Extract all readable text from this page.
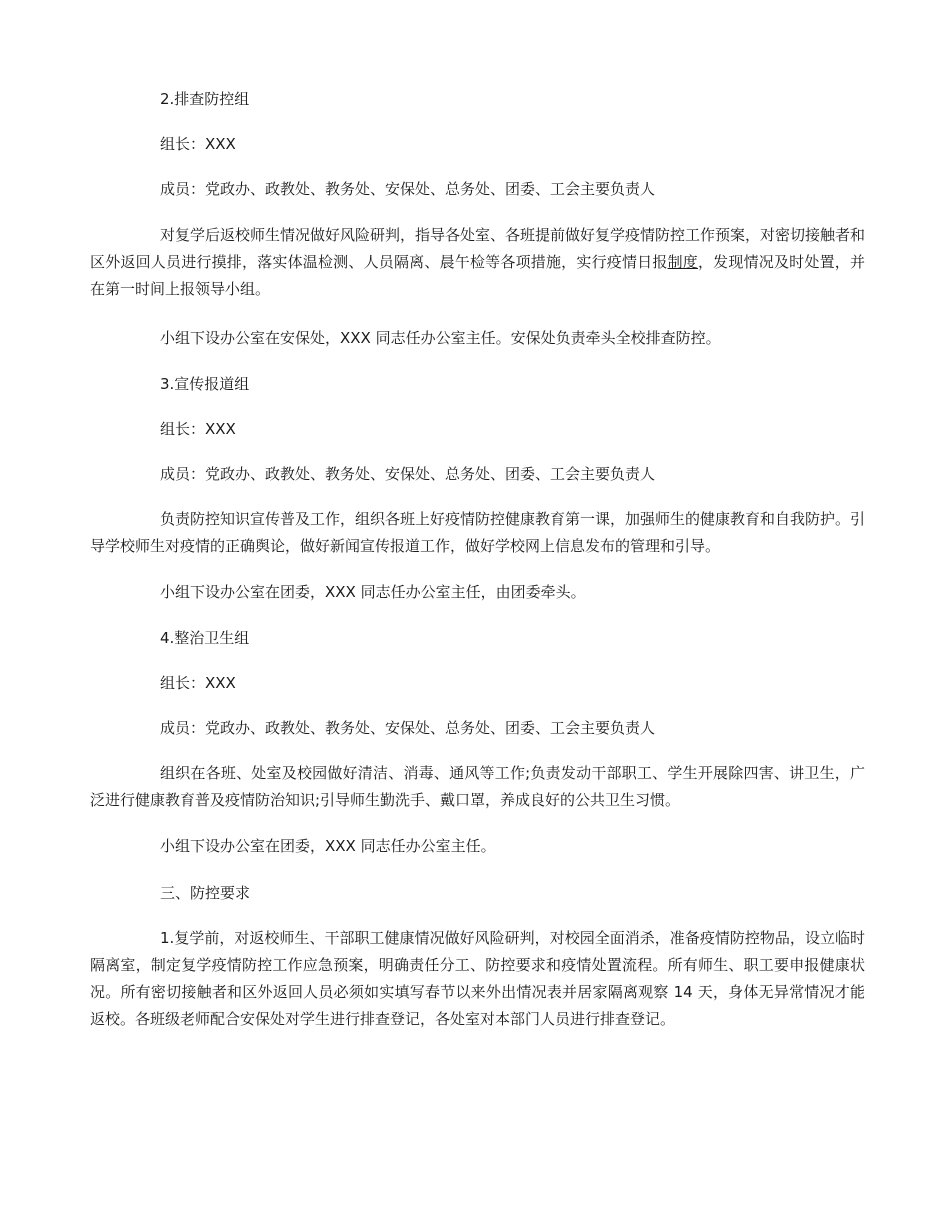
2.排查防控组

组长：XXX

成员：党政办、政教处、教务处、安保处、总务处、团委、工会主要负责人

对复学后返校师生情况做好风险研判，指导各处室、各班提前做好复学疫情防控工作预案，对密切接触者和区外返回人员进行摸排，落实体温检测、人员隔离、晨午检等各项措施，实行疫情日报制度，发现情况及时处置，并在第一时间上报领导小组。

小组下设办公室在安保处，XXX 同志任办公室主任。安保处负责牵头全校排查防控。

3.宣传报道组

组长：XXX

成员：党政办、政教处、教务处、安保处、总务处、团委、工会主要负责人

负责防控知识宣传普及工作，组织各班上好疫情防控健康教育第一课，加强师生的健康教育和自我防护。引导学校师生对疫情的正确舆论，做好新闻宣传报道工作，做好学校网上信息发布的管理和引导。

小组下设办公室在团委，XXX 同志任办公室主任，由团委牵头。

4.整治卫生组

组长：XXX

成员：党政办、政教处、教务处、安保处、总务处、团委、工会主要负责人

组织在各班、处室及校园做好清洁、消毒、通风等工作;负责发动干部职工、学生开展除四害、讲卫生，广泛进行健康教育普及疫情防治知识;引导师生勤洗手、戴口罩，养成良好的公共卫生习惯。

小组下设办公室在团委，XXX 同志任办公室主任。

三、防控要求

1.复学前，对返校师生、干部职工健康情况做好风险研判，对校园全面消杀，准备疫情防控物品，设立临时隔离室，制定复学疫情防控工作应急预案，明确责任分工、防控要求和疫情处置流程。所有师生、职工要申报健康状况。所有密切接触者和区外返回人员必须如实填写春节以来外出情况表并居家隔离观察 14 天，身体无异常情况才能返校。各班级老师配合安保处对学生进行排查登记，各处室对本部门人员进行排查登记。
